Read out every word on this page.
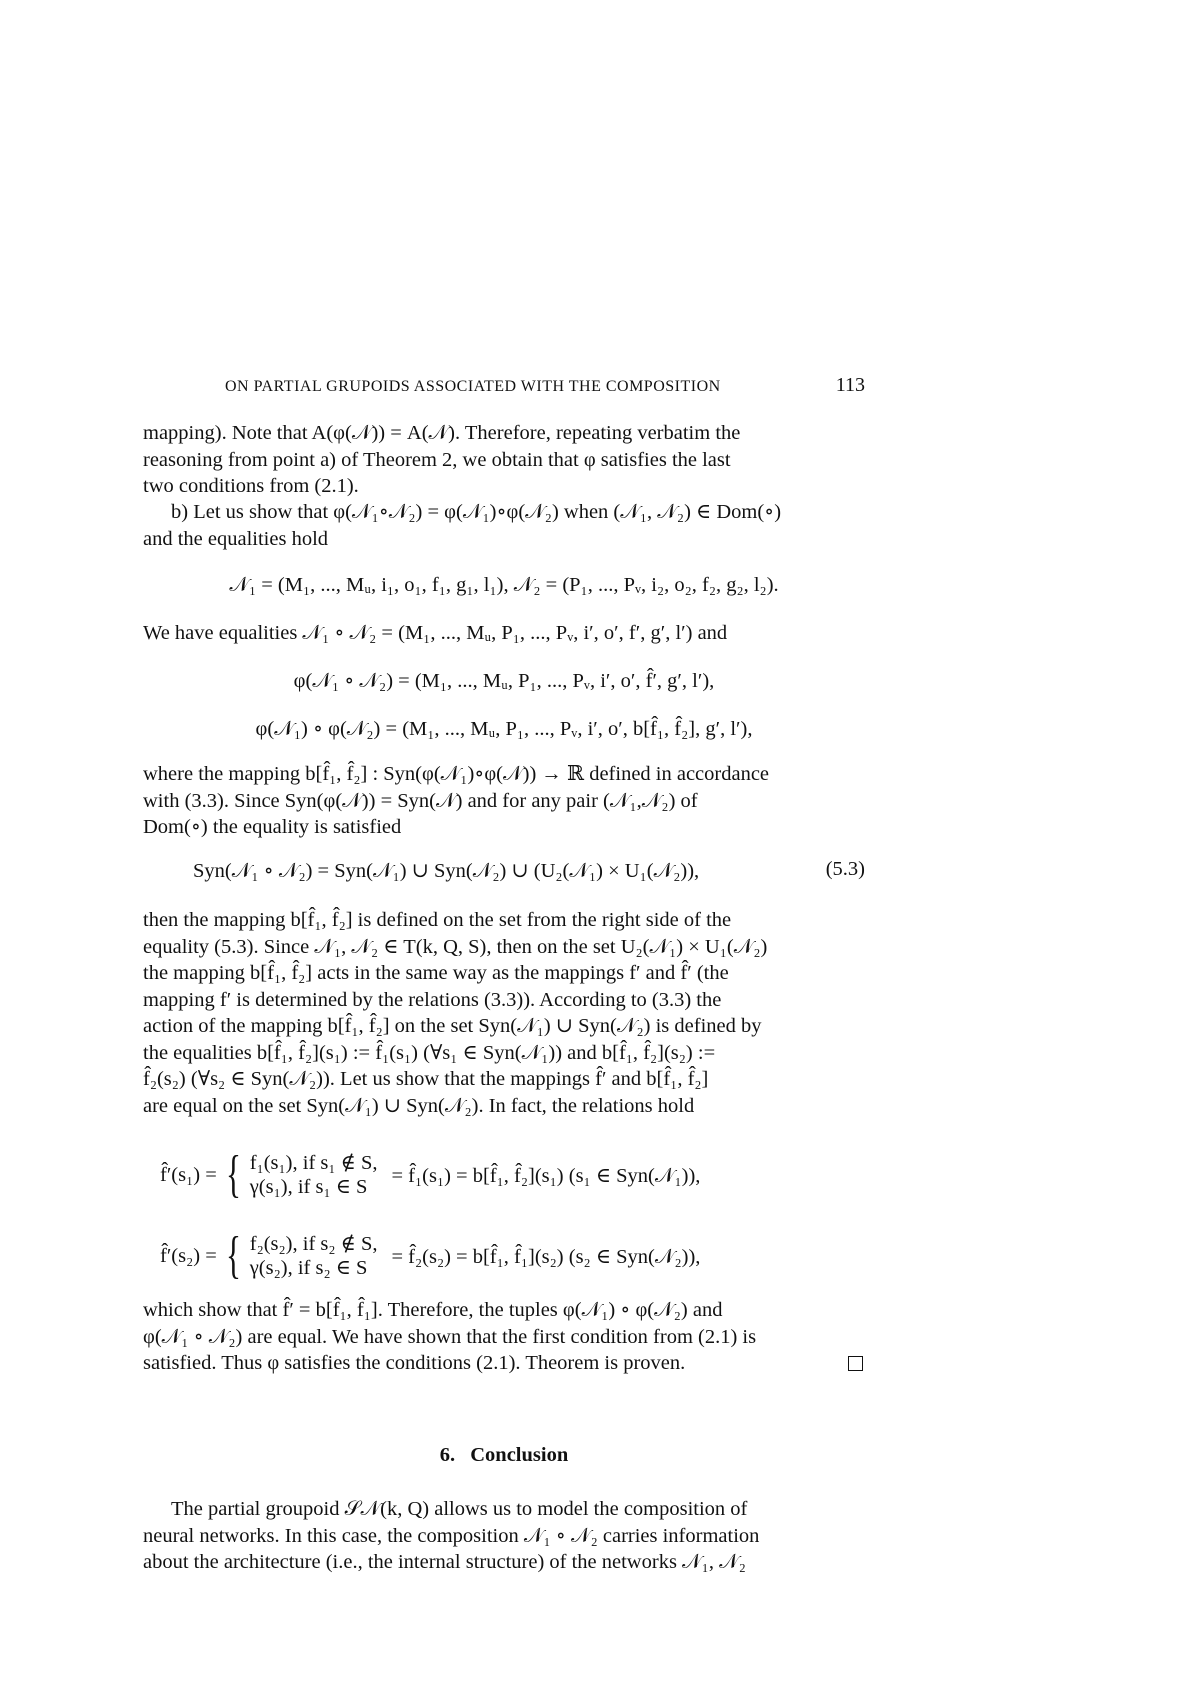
ON PARTIAL GRUPOIDS ASSOCIATED WITH THE COMPOSITION	113
mapping). Note that A(φ(𝒩)) = A(𝒩). Therefore, repeating verbatim the
reasoning from point a) of Theorem 2, we obtain that φ satisfies the last
two conditions from (2.1).
b) Let us show that φ(𝒩₁∘𝒩₂) = φ(𝒩₁)∘φ(𝒩₂) when (𝒩₁, 𝒩₂) ∈ Dom(∘)
and the equalities hold
𝒩₁ = (M₁, ..., Mᵤ, i₁, o₁, f₁, g₁, l₁), 𝒩₂ = (P₁, ..., Pᵥ, i₂, o₂, f₂, g₂, l₂).
We have equalities 𝒩₁ ∘ 𝒩₂ = (M₁, ..., Mᵤ, P₁, ..., Pᵥ, i′, o′, f′, g′, l′) and
φ(𝒩₁ ∘ 𝒩₂) = (M₁, ..., Mᵤ, P₁, ..., Pᵥ, i′, o′, f̂′, g′, l′),
φ(𝒩₁) ∘ φ(𝒩₂) = (M₁, ..., Mᵤ, P₁, ..., Pᵥ, i′, o′, b[f̂₁, f̂₂], g′, l′),
where the mapping b[f̂₁, f̂₂] : Syn(φ(𝒩₁)∘φ(𝒩)) → ℝ defined in accordance
with (3.3). Since Syn(φ(𝒩)) = Syn(𝒩) and for any pair (𝒩₁,𝒩₂) of
Dom(∘) the equality is satisfied
Syn(𝒩₁ ∘ 𝒩₂) = Syn(𝒩₁) ∪ Syn(𝒩₂) ∪ (U₂(𝒩₁) × U₁(𝒩₂)),	(5.3)
then the mapping b[f̂₁, f̂₂] is defined on the set from the right side of the
equality (5.3). Since 𝒩₁, 𝒩₂ ∈ T(k, Q, S), then on the set U₂(𝒩₁) × U₁(𝒩₂)
the mapping b[f̂₁, f̂₂] acts in the same way as the mappings f′ and f̂′ (the
mapping f′ is determined by the relations (3.3)). According to (3.3) the
action of the mapping b[f̂₁, f̂₂] on the set Syn(𝒩₁) ∪ Syn(𝒩₂) is defined by
the equalities b[f̂₁, f̂₂](s₁) := f̂₁(s₁) (∀s₁ ∈ Syn(𝒩₁)) and b[f̂₁, f̂₂](s₂) :=
f̂₂(s₂) (∀s₂ ∈ Syn(𝒩₂)). Let us show that the mappings f̂′ and b[f̂₁, f̂₂]
are equal on the set Syn(𝒩₁) ∪ Syn(𝒩₂). In fact, the relations hold
f̂′(s₁) = { f₁(s₁), if s₁ ∉ S,
γ(s₁), if s₁ ∈ S
= f̂₁(s₁) = b[f̂₁, f̂₂](s₁) (s₁ ∈ Syn(𝒩₁)),
f̂′(s₂) = { f₂(s₂), if s₂ ∉ S,
γ(s₂), if s₂ ∈ S
= f̂₂(s₂) = b[f̂₁, f̂₁](s₂) (s₂ ∈ Syn(𝒩₂)),
which show that f̂′ = b[f̂₁, f̂₁]. Therefore, the tuples φ(𝒩₁) ∘ φ(𝒩₂) and
φ(𝒩₁ ∘ 𝒩₂) are equal. We have shown that the first condition from (2.1) is
satisfied. Thus φ satisfies the conditions (2.1). Theorem is proven.
6. Conclusion
The partial groupoid 𝒮𝒩(k, Q) allows us to model the composition of
neural networks. In this case, the composition 𝒩₁ ∘ 𝒩₂ carries information
about the architecture (i.e., the internal structure) of the networks 𝒩₁, 𝒩₂
